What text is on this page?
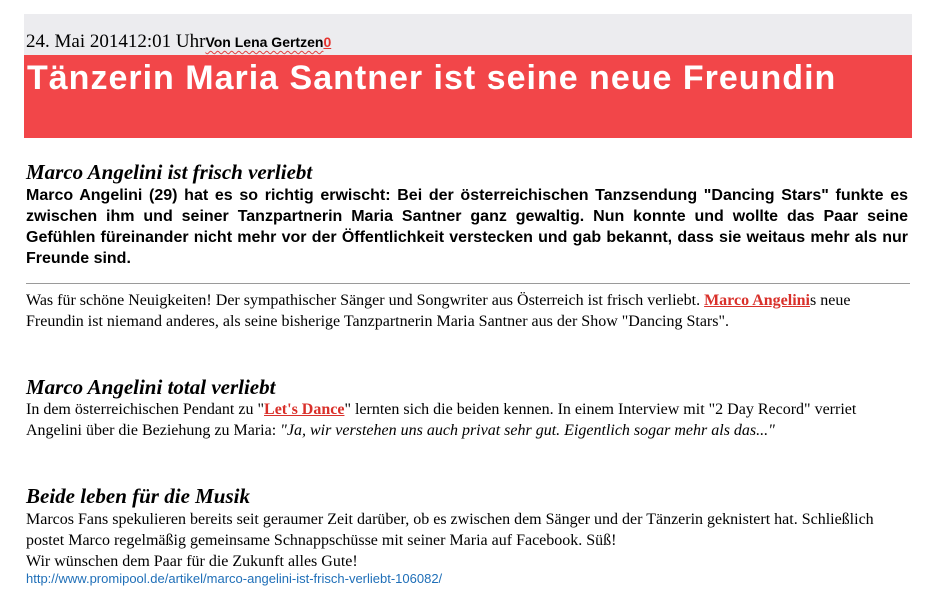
24. Mai 201412:01 UhrVon Lena Gertzen0
Tänzerin Maria Santner ist seine neue Freundin
Marco Angelini ist frisch verliebt

Marco Angelini (29) hat es so richtig erwischt: Bei der österreichischen Tanzsendung "Dancing Stars" funkte es zwischen ihm und seiner Tanzpartnerin Maria Santner ganz gewaltig. Nun konnte und wollte das Paar seine Gefühlen füreinander nicht mehr vor der Öffentlichkeit verstecken und gab bekannt, dass sie weitaus mehr als nur Freunde sind.

Was für schöne Neuigkeiten! Der sympathischer Sänger und Songwriter aus Österreich ist frisch verliebt. Marco Angelinis neue Freundin ist niemand anderes, als seine bisherige Tanzpartnerin Maria Santner aus der Show "Dancing Stars".

Marco Angelini total verliebt

In dem österreichischen Pendant zu "Let's Dance" lernten sich die beiden kennen. In einem Interview mit "2 Day Record" verriet Angelini über die Beziehung zu Maria: "Ja, wir verstehen uns auch privat sehr gut. Eigentlich sogar mehr als das..."

Beide leben für die Musik

Marcos Fans spekulieren bereits seit geraumer Zeit darüber, ob es zwischen dem Sänger und der Tänzerin geknistert hat. Schließlich postet Marco regelmäßig gemeinsame Schnappschüsse mit seiner Maria auf Facebook. Süß!
Wir wünschen dem Paar für die Zukunft alles Gute!

http://www.promipool.de/artikel/marco-angelini-ist-frisch-verliebt-106082/
